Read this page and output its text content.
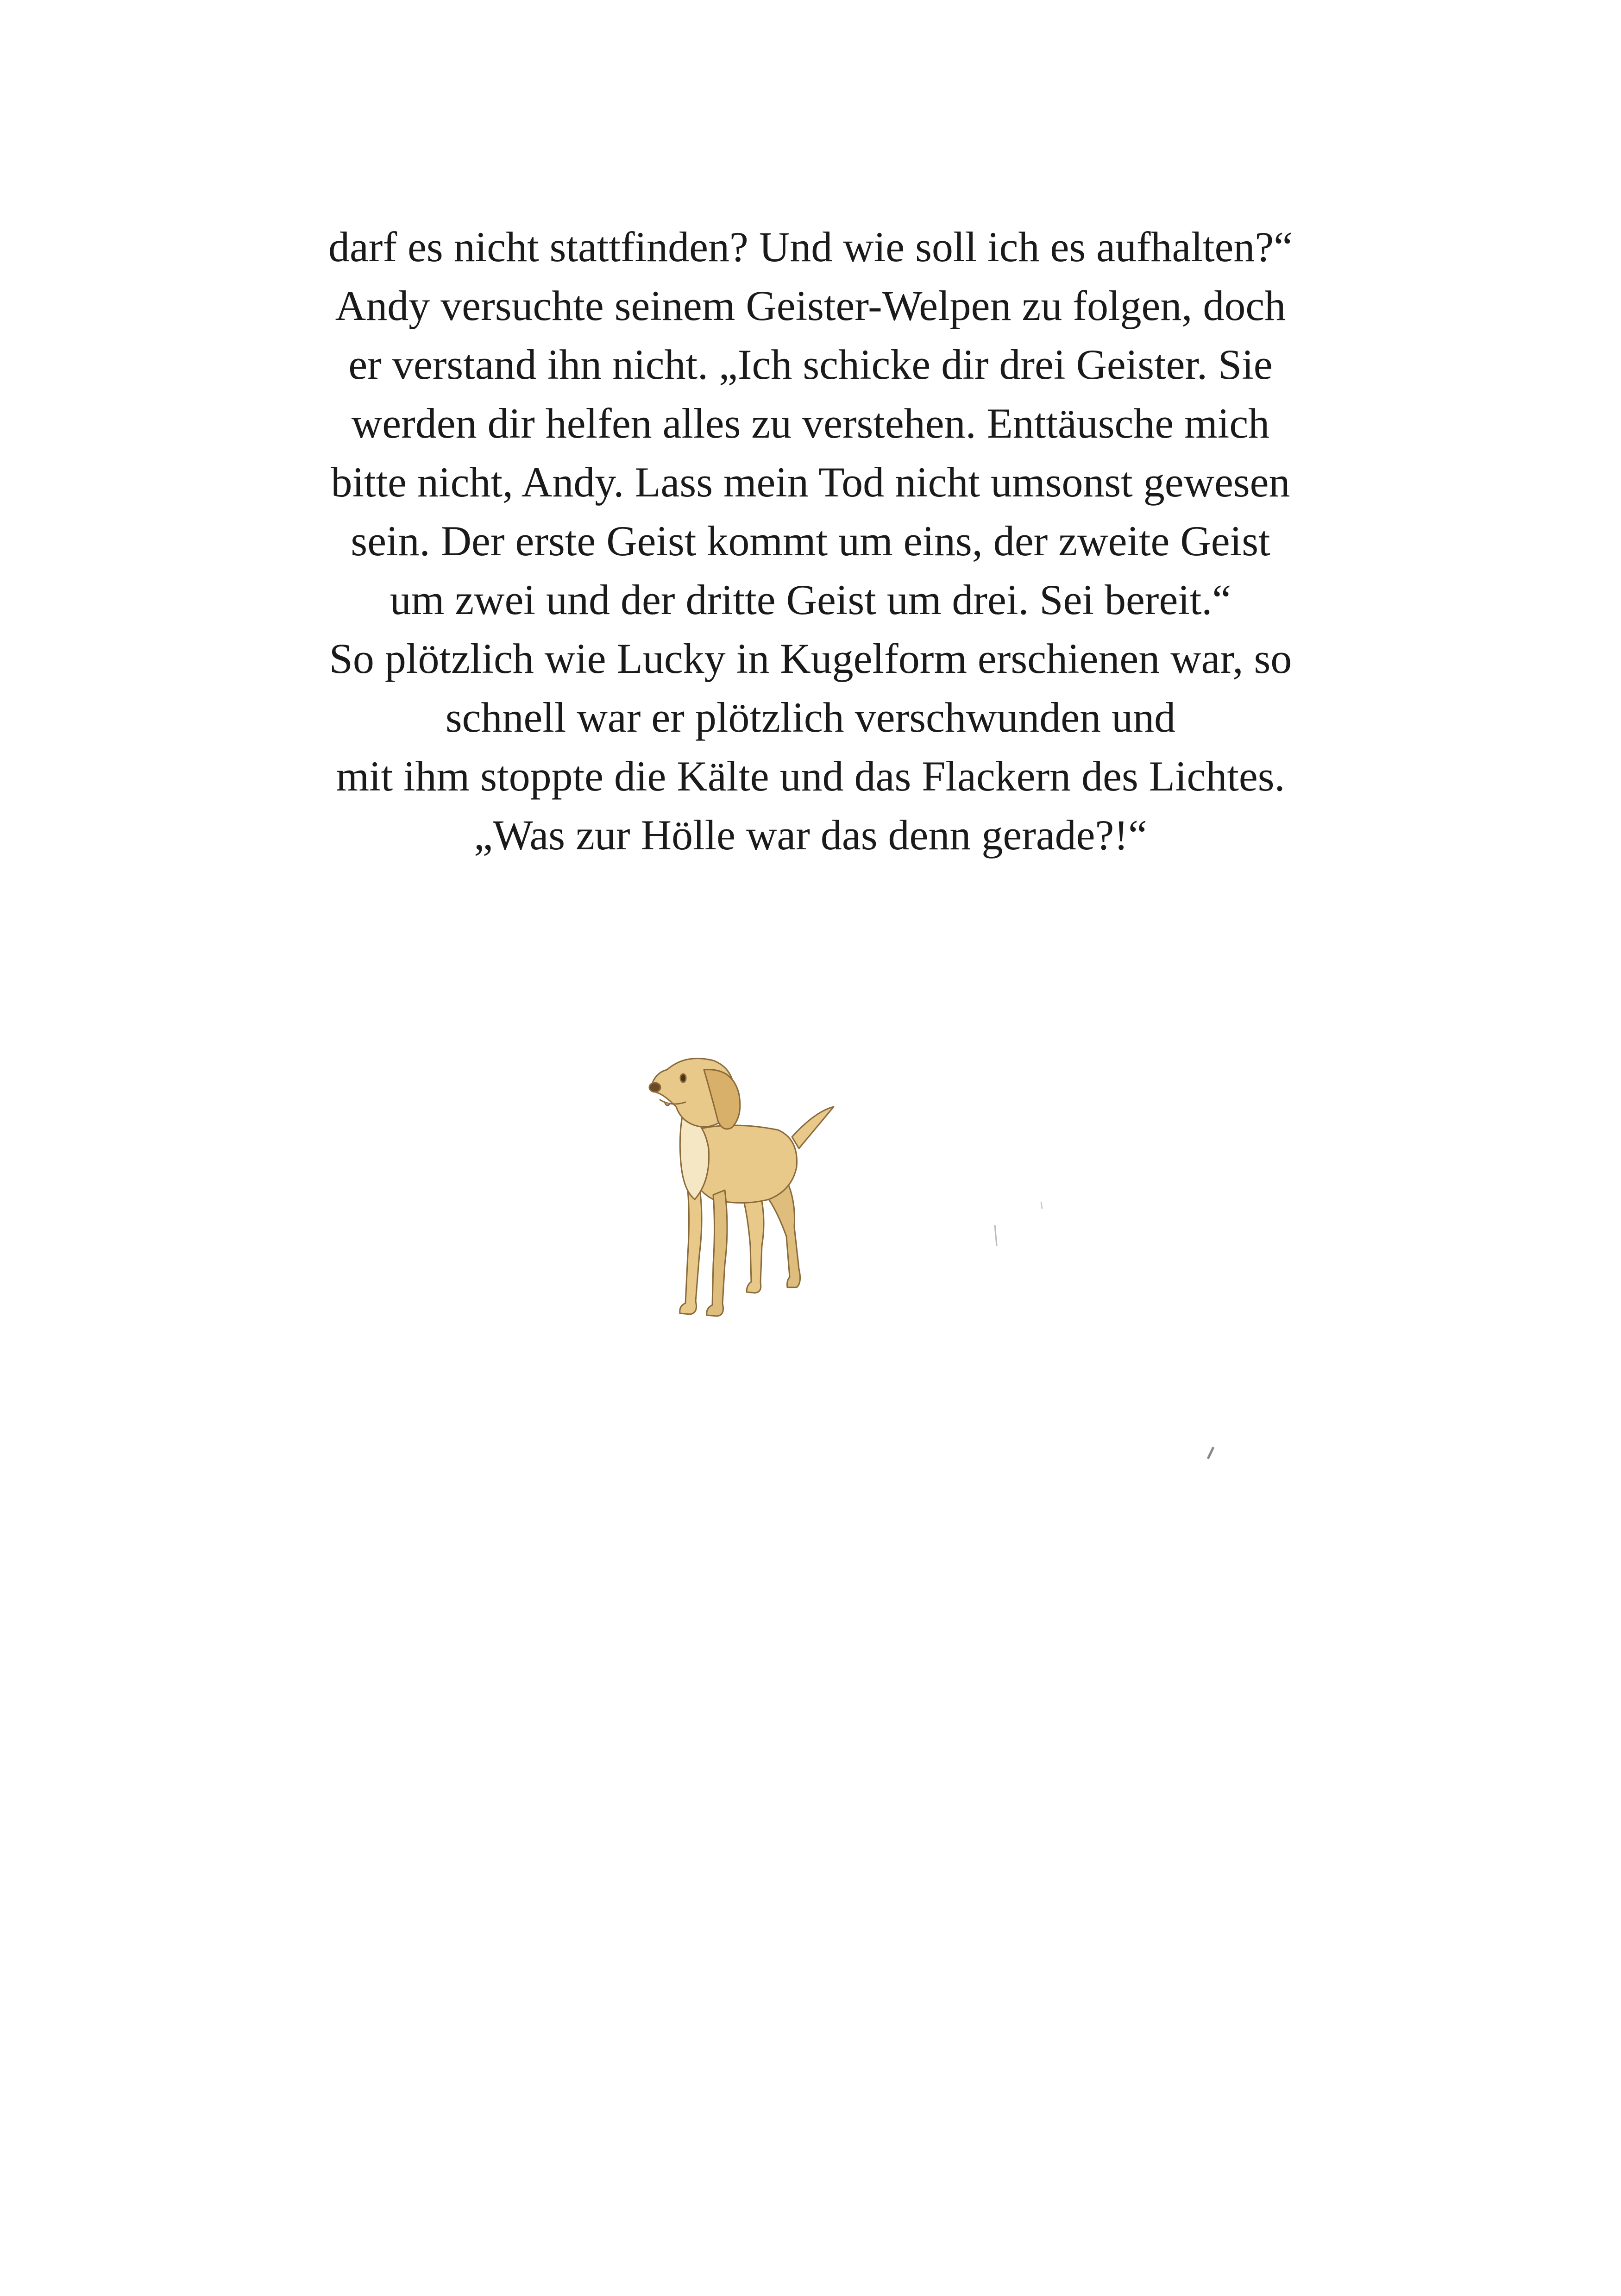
darf es nicht stattfinden? Und wie soll ich es aufhalten?“
Andy versuchte seinem Geister-Welpen zu folgen, doch
er verstand ihn nicht. „Ich schicke dir drei Geister. Sie
werden dir helfen alles zu verstehen. Enttäusche mich
bitte nicht, Andy. Lass mein Tod nicht umsonst gewesen
sein. Der erste Geist kommt um eins, der zweite Geist
um zwei und der dritte Geist um drei. Sei bereit.“
So plötzlich wie Lucky in Kugelform erschienen war, so
schnell war er plötzlich verschwunden und
mit ihm stoppte die Kälte und das Flackern des Lichtes.
„Was zur Hölle war das denn gerade?!“
